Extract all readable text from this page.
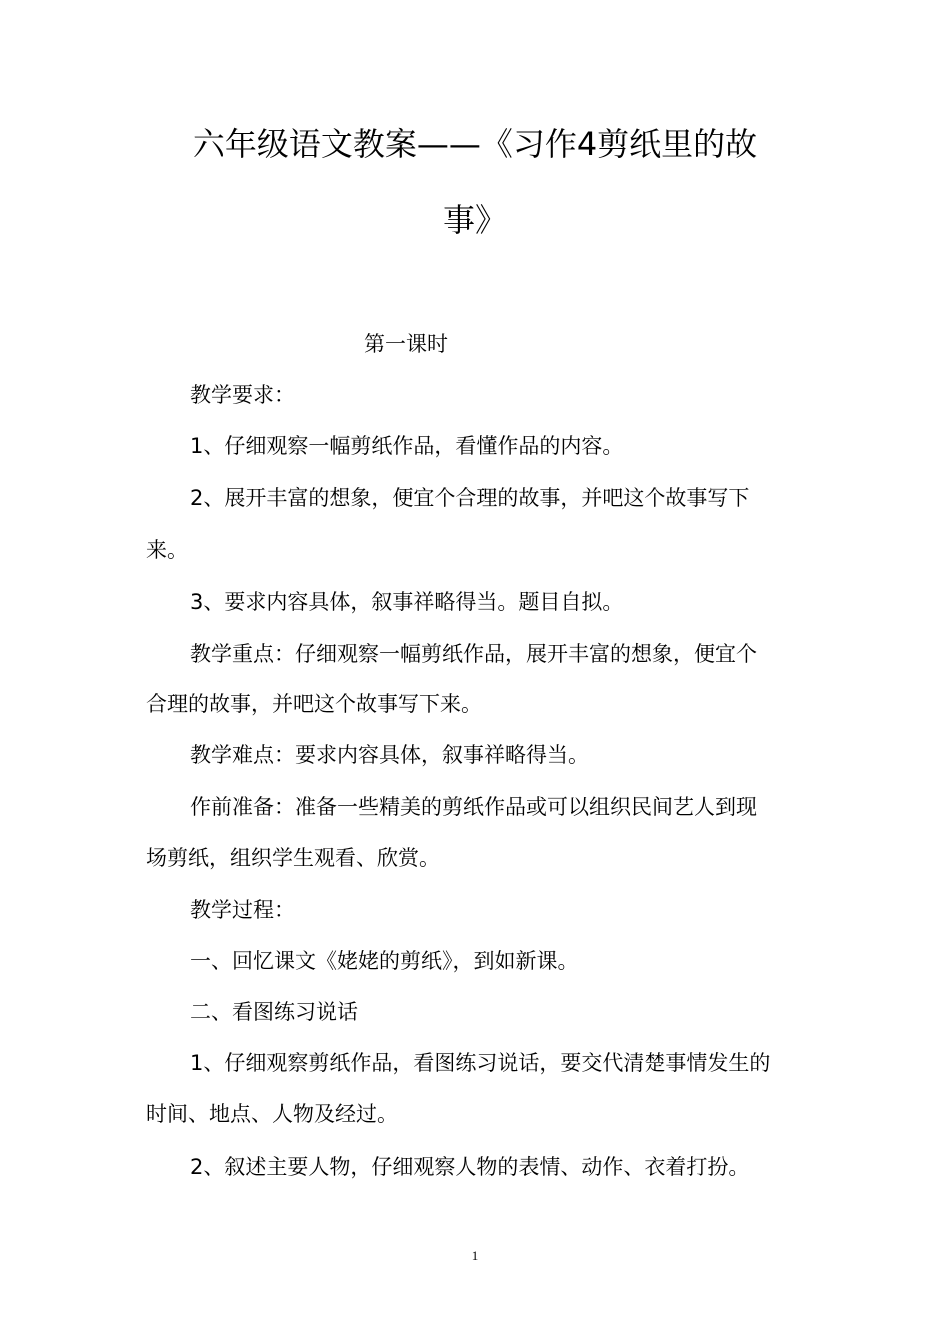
六年级语文教案——《习作4剪纸里的故
事》

第一课时

教学要求：

1、仔细观察一幅剪纸作品，看懂作品的内容。

2、展开丰富的想象，便宜个合理的故事，并吧这个故事写下

来。

3、要求内容具体，叙事祥略得当。题目自拟。

教学重点：仔细观察一幅剪纸作品，展开丰富的想象，便宜个

合理的故事，并吧这个故事写下来。

教学难点：要求内容具体，叙事祥略得当。

作前准备：准备一些精美的剪纸作品或可以组织民间艺人到现

场剪纸，组织学生观看、欣赏。

教学过程：

一、回忆课文《姥姥的剪纸》，到如新课。

二、看图练习说话

1、仔细观察剪纸作品，看图练习说话，要交代清楚事情发生的

时间、地点、人物及经过。

2、叙述主要人物，仔细观察人物的表情、动作、衣着打扮。

1
